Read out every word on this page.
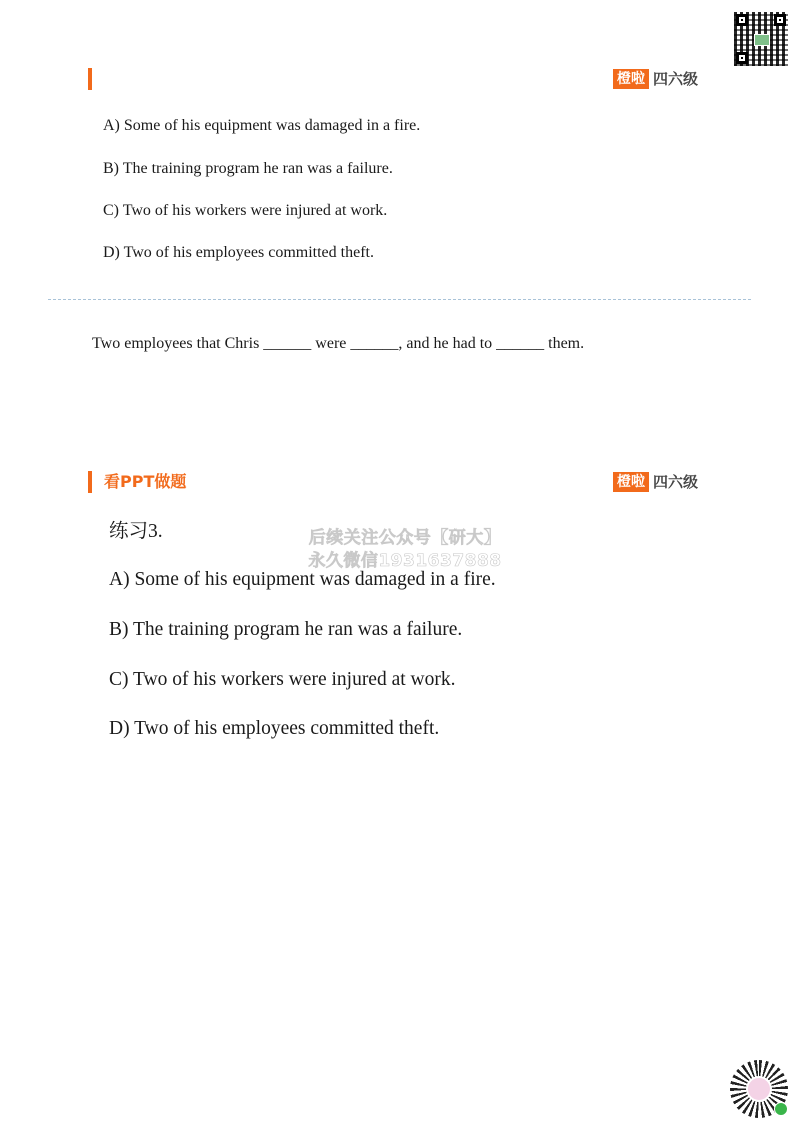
橙啦 四六级
A) Some of his equipment was damaged in a fire.
B) The training program he ran was a failure.
C) Two of his workers were injured at work.
D) Two of his employees committed theft.
Two employees that Chris ______ were ______, and he had to ______ them.
看PPT做题	橙啦 四六级
后续关注公众号【研大】
永久微信1931637888
练习3.
A) Some of his equipment was damaged in a fire.
B) The training program he ran was a failure.
C) Two of his workers were injured at work.
D) Two of his employees committed theft.
